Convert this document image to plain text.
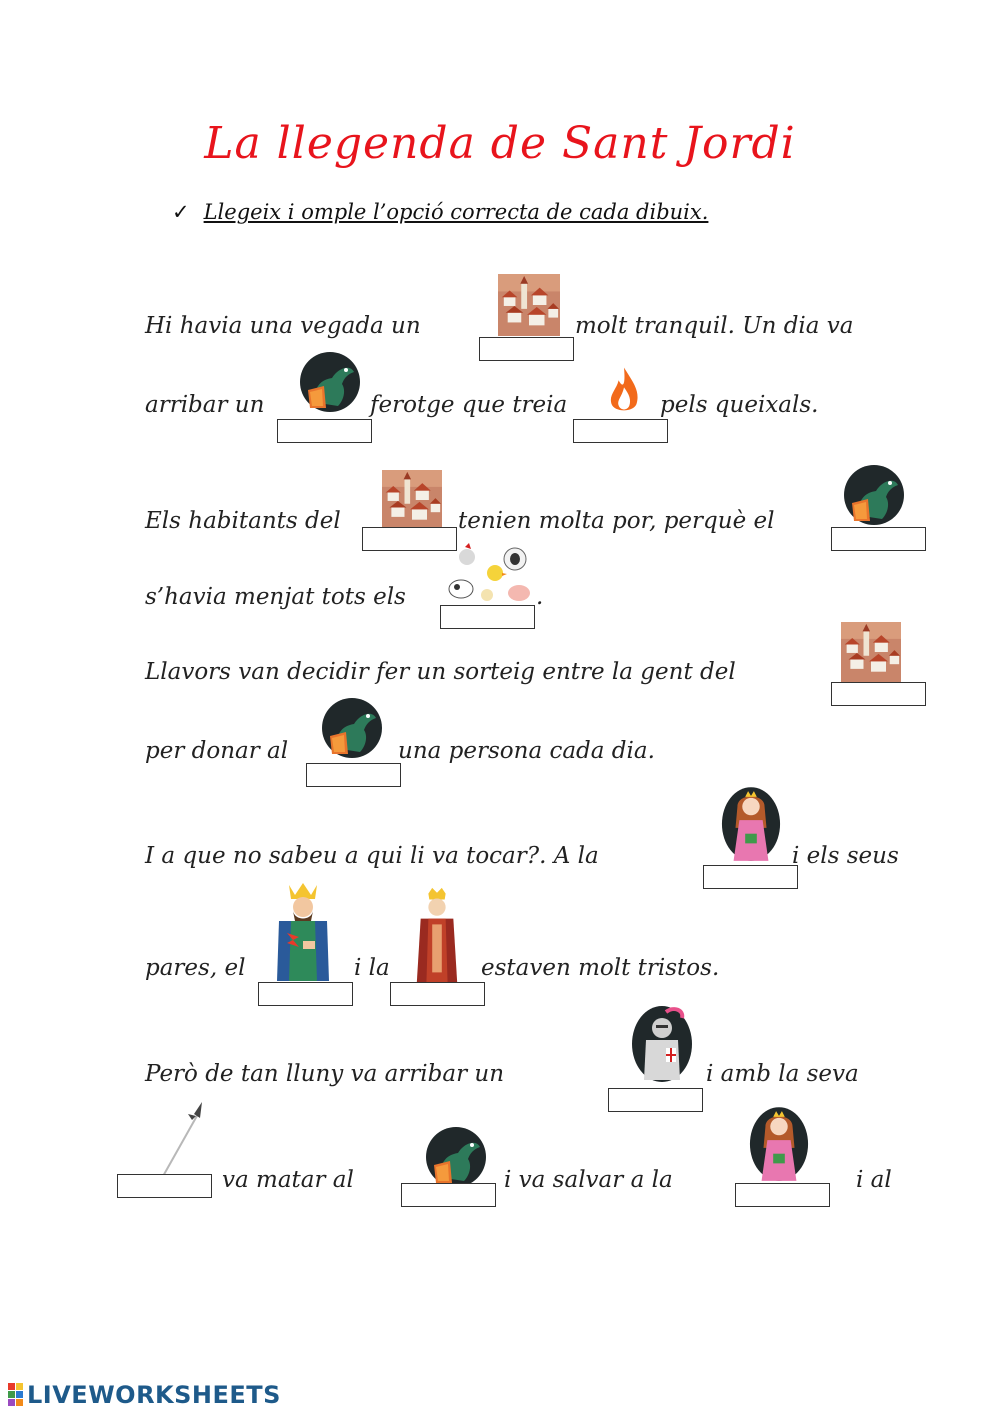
La llegenda de Sant Jordi
✓ Llegeix i omple l’opció correcta de cada dibuix.
Hi havia una vegada un	molt tranquil. Un dia va
arribar un	ferotge que treia	pels queixals.
Els habitants del	tenien molta por, perquè el
s’havia menjat tots els	.
Llavors van decidir fer un sorteig entre la gent del
per donar al	una persona cada dia.
I a que no sabeu a qui li va tocar?. A la	i els seus
pares, el	i la	estaven molt tristos.
Però de tan lluny va arribar un	i amb la seva
va matar al	i va salvar a la	i al
LIVEWORKSHEETS
